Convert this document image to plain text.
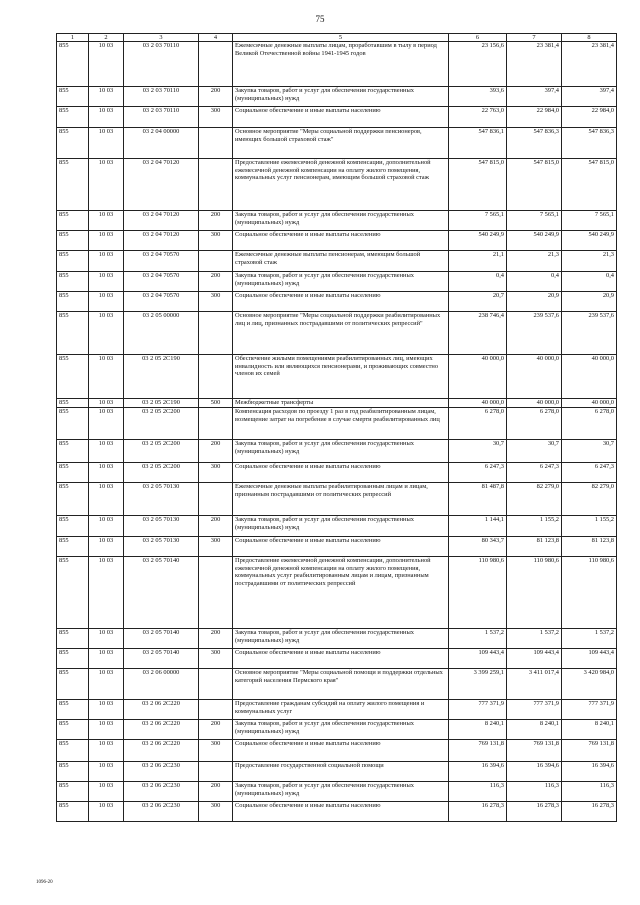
75
1	2	3	4	5	6	7	8
855	10 03	03 2 03 70110		Ежемесячные денежные выплаты лицам, проработавшим в тылу в период Великой Отечественной войны 1941-1945 годов	23 156,6	23 381,4	23 381,4
855	10 03	03 2 03 70110	200	Закупка товаров, работ и услуг для обеспечения государственных (муниципальных) нужд	393,6	397,4	397,4
855	10 03	03 2 03 70110	300	Социальное обеспечение и иные выплаты населению	22 763,0	22 984,0	22 984,0
855	10 03	03 2 04 00000		Основное мероприятие "Меры социальной поддержки пенсионеров, имеющих большой страховой стаж"	547 836,1	547 836,3	547 836,3
855	10 03	03 2 04 70120		Предоставление ежемесячной денежной компенсации, дополнительной ежемесячной денежной компенсации на оплату жилого помещения, коммунальных услуг пенсионерам, имеющим большой страховой стаж	547 815,0	547 815,0	547 815,0
855	10 03	03 2 04 70120	200	Закупка товаров, работ и услуг для обеспечения государственных (муниципальных) нужд	7 565,1	7 565,1	7 565,1
855	10 03	03 2 04 70120	300	Социальное обеспечение и иные выплаты населению	540 249,9	540 249,9	540 249,9
855	10 03	03 2 04 70570		Ежемесячные денежные выплаты пенсионерам, имеющим большой страховой стаж	21,1	21,3	21,3
855	10 03	03 2 04 70570	200	Закупка товаров, работ и услуг для обеспечения государственных (муниципальных) нужд	0,4	0,4	0,4
855	10 03	03 2 04 70570	300	Социальное обеспечение и иные выплаты населению	20,7	20,9	20,9
855	10 03	03 2 05 00000		Основное мероприятие "Меры социальной поддержки реабилитированных лиц и лиц, признанных пострадавшими от политических репрессий"	238 746,4	239 537,6	239 537,6
855	10 03	03 2 05 2С190		Обеспечение жилыми помещениями реабилитированных лиц, имеющих инвалидность или являющихся пенсионерами, и проживающих совместно членов их семей	40 000,0	40 000,0	40 000,0
855	10 03	03 2 05 2С190	500	Межбюджетные трансферты	40 000,0	40 000,0	40 000,0
855	10 03	03 2 05 2С200		Компенсация расходов по проезду 1 раз в год реабилитированным лицам, возмещение затрат на погребение в случае смерти реабилитированных лиц	6 278,0	6 278,0	6 278,0
855	10 03	03 2 05 2С200	200	Закупка товаров, работ и услуг для обеспечения государственных (муниципальных) нужд	30,7	30,7	30,7
855	10 03	03 2 05 2С200	300	Социальное обеспечение и иные выплаты населению	6 247,3	6 247,3	6 247,3
855	10 03	03 2 05 70130		Ежемесячные денежные выплаты реабилитированным лицам и лицам, признанным пострадавшими от политических репрессий	81 487,8	82 279,0	82 279,0
855	10 03	03 2 05 70130	200	Закупка товаров, работ и услуг для обеспечения государственных (муниципальных) нужд	1 144,1	1 155,2	1 155,2
855	10 03	03 2 05 70130	300	Социальное обеспечение и иные выплаты населению	80 343,7	81 123,8	81 123,8
855	10 03	03 2 05 70140		Предоставление ежемесячной денежной компенсации, дополнительной ежемесячной денежной компенсации на оплату жилого помещения, коммунальных услуг реабилитированным лицам и лицам, признанным пострадавшими от политических репрессий	110 980,6	110 980,6	110 980,6
855	10 03	03 2 05 70140	200	Закупка товаров, работ и услуг для обеспечения государственных (муниципальных) нужд	1 537,2	1 537,2	1 537,2
855	10 03	03 2 05 70140	300	Социальное обеспечение и иные выплаты населению	109 443,4	109 443,4	109 443,4
855	10 03	03 2 06 00000		Основное мероприятие "Меры социальной помощи и поддержки отдельных категорий населения Пермского края"	3 399 259,1	3 411 017,4	3 420 984,0
855	10 03	03 2 06 2С220		Предоставление гражданам субсидий на оплату жилого помещения и коммунальных услуг	777 371,9	777 371,9	777 371,9
855	10 03	03 2 06 2С220	200	Закупка товаров, работ и услуг для обеспечения государственных (муниципальных) нужд	8 240,1	8 240,1	8 240,1
855	10 03	03 2 06 2С220	300	Социальное обеспечение и иные выплаты населению	769 131,8	769 131,8	769 131,8
855	10 03	03 2 06 2С230		Предоставление государственной социальной помощи	16 394,6	16 394,6	16 394,6
855	10 03	03 2 06 2С230	200	Закупка товаров, работ и услуг для обеспечения государственных (муниципальных) нужд	116,3	116,3	116,3
855	10 03	03 2 06 2С230	300	Социальное обеспечение и иные выплаты населению	16 278,3	16 278,3	16 278,3
1096-20
